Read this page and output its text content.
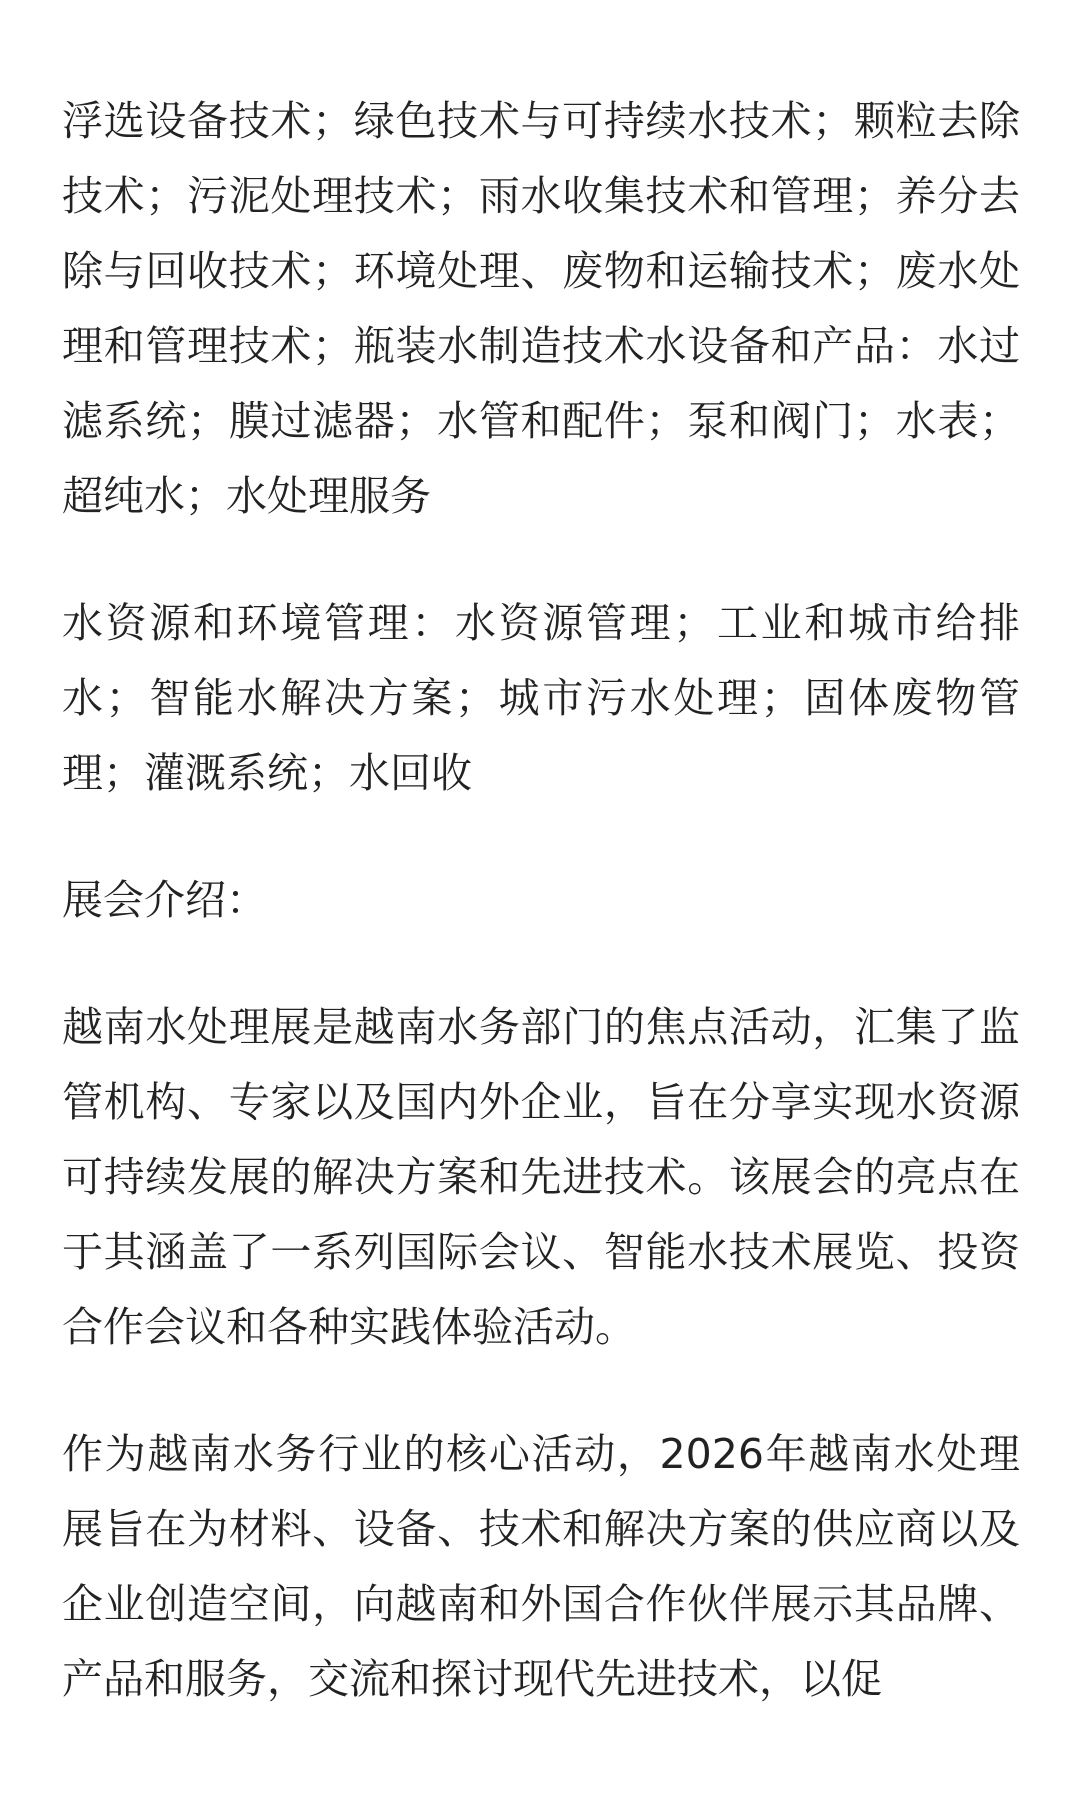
浮选设备技术；绿色技术与可持续水技术；颗粒去除技术；污泥处理技术；雨水收集技术和管理；养分去除与回收技术；环境处理、废物和运输技术；废水处理和管理技术；瓶装水制造技术水设备和产品：水过滤系统；膜过滤器；水管和配件；泵和阀门；水表；超纯水；水处理服务

水资源和环境管理：水资源管理；工业和城市给排水；智能水解决方案；城市污水处理；固体废物管理；灌溉系统；水回收

展会介绍：

越南水处理展是越南水务部门的焦点活动，汇集了监管机构、专家以及国内外企业，旨在分享实现水资源可持续发展的解决方案和先进技术。该展会的亮点在于其涵盖了一系列国际会议、智能水技术展览、投资合作会议和各种实践体验活动。

作为越南水务行业的核心活动，2026年越南水处理展旨在为材料、设备、技术和解决方案的供应商以及企业创造空间，向越南和外国合作伙伴展示其品牌、产品和服务，交流和探讨现代先进技术，以促
